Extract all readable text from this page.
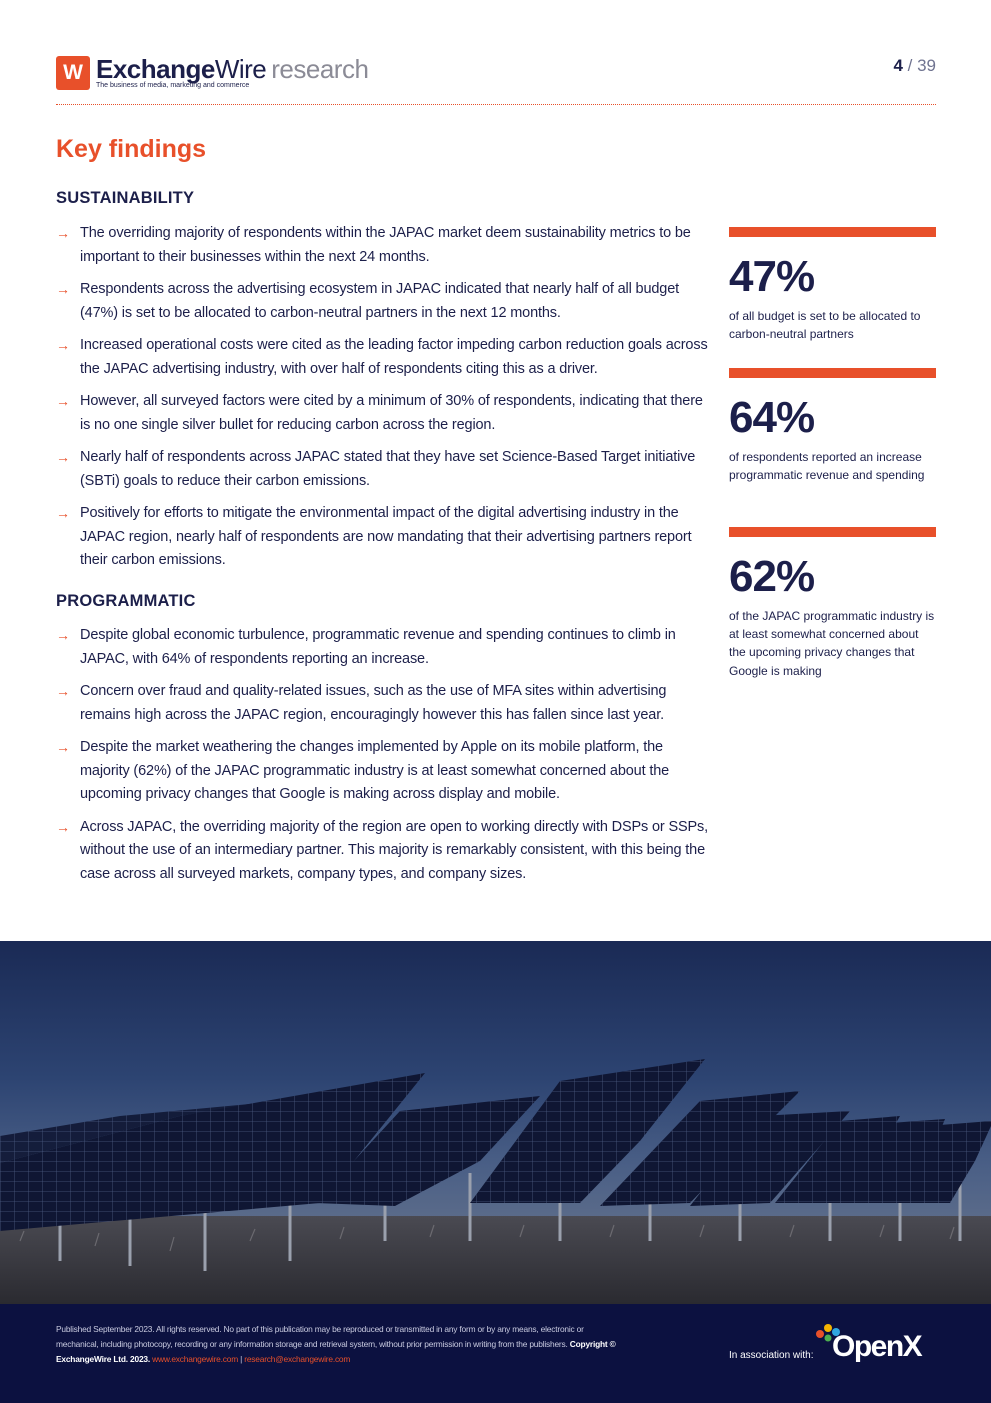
W ExchangeWire research
The business of media, marketing and commerce
4 / 39
Key findings
SUSTAINABILITY
→ The overriding majority of respondents within the JAPAC market deem sustainability metrics to be important to their businesses within the next 24 months.
→ Respondents across the advertising ecosystem in JAPAC indicated that nearly half of all budget (47%) is set to be allocated to carbon-neutral partners in the next 12 months.
→ Increased operational costs were cited as the leading factor impeding carbon reduction goals across the JAPAC advertising industry, with over half of respondents citing this as a driver.
→ However, all surveyed factors were cited by a minimum of 30% of respondents, indicating that there is no one single silver bullet for reducing carbon across the region.
→ Nearly half of respondents across JAPAC stated that they have set Science-Based Target initiative (SBTi) goals to reduce their carbon emissions.
→ Positively for efforts to mitigate the environmental impact of the digital advertising industry in the JAPAC region, nearly half of respondents are now mandating that their advertising partners report their carbon emissions.
PROGRAMMATIC
→ Despite global economic turbulence, programmatic revenue and spending continues to climb in JAPAC, with 64% of respondents reporting an increase.
→ Concern over fraud and quality-related issues, such as the use of MFA sites within advertising remains high across the JAPAC region, encouragingly however this has fallen since last year.
→ Despite the market weathering the changes implemented by Apple on its mobile platform, the majority (62%) of the JAPAC programmatic industry is at least somewhat concerned about the upcoming privacy changes that Google is making across display and mobile.
→ Across JAPAC, the overriding majority of the region are open to working directly with DSPs or SSPs, without the use of an intermediary partner. This majority is remarkably consistent, with this being the case across all surveyed markets, company types, and company sizes.
47%
of all budget is set to be allocated to carbon-neutral partners
64%
of respondents reported an increase programmatic revenue and spending
62%
of the JAPAC programmatic industry is at least somewhat concerned about the upcoming privacy changes that Google is making
Published September 2023. All rights reserved. No part of this publication may be reproduced or transmitted in any form or by any means, electronic or mechanical, including photocopy, recording or any information storage and retrieval system, without prior permission in writing from the publishers. Copyright © ExchangeWire Ltd. 2023. www.exchangewire.com | research@exchangewire.com	In association with: OpenX
